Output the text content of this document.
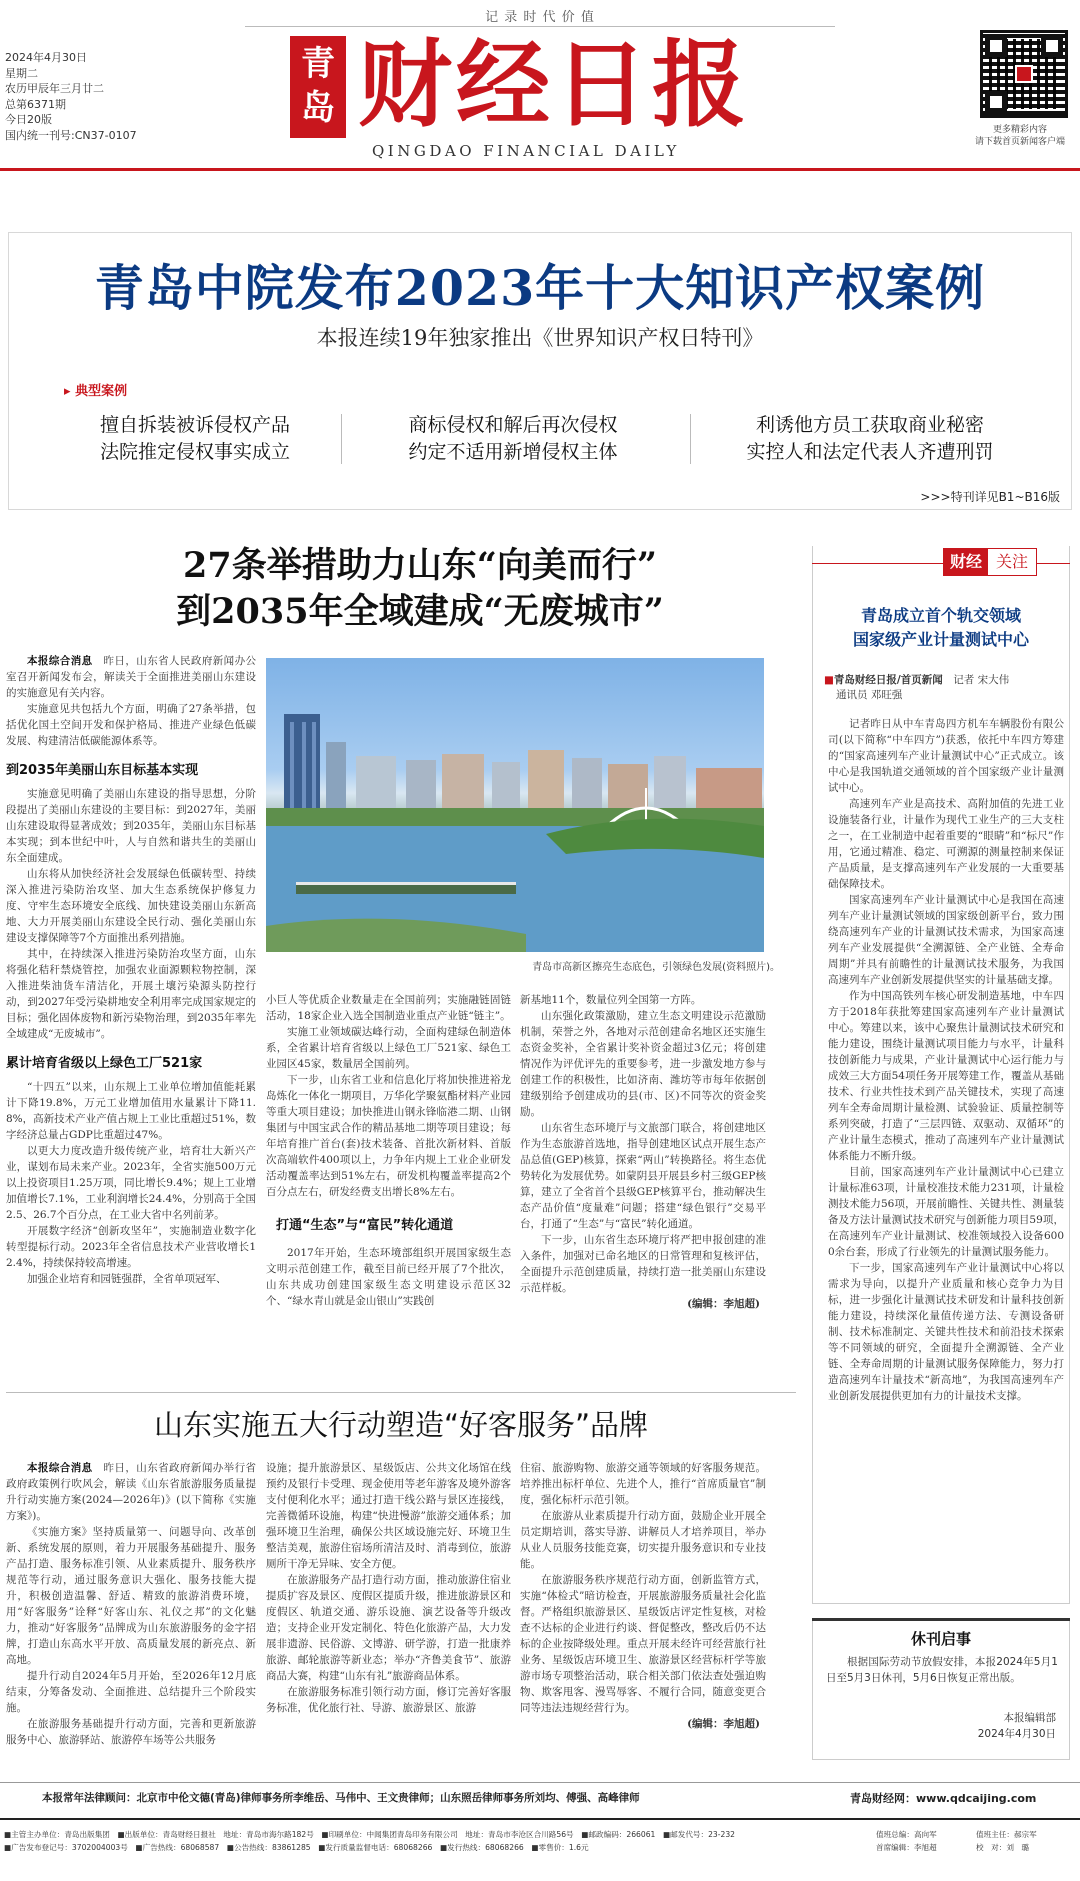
记 录 时 代 价 值
2024年4月30日
星期二
农历甲辰年三月廿二
总第6371期
今日20版
国内统一刊号:CN37-0107
青岛 财经日报
QINGDAO FINANCIAL DAILY
更多精彩内容
请下载首页新闻客户端
青岛中院发布2023年十大知识产权案例
本报连续19年独家推出《世界知识产权日特刊》
▸ 典型案例
擅自拆装被诉侵权产品
法院推定侵权事实成立
商标侵权和解后再次侵权
约定不适用新增侵权主体
利诱他方员工获取商业秘密
实控人和法定代表人齐遭刑罚
>>>特刊详见B1~B16版
27条举措助力山东“向美而行”
到2035年全域建成“无废城市”
青岛市高新区擦亮生态底色，引领绿色发展(资料照片)。

本报综合消息　 昨日，山东省人民政府新闻办公室召开新闻发布会，解读关于全面推进美丽山东建设的实施意见有关内容。

实施意见共包括九个方面，明确了27条举措，包括优化国土空间开发和保护格局、推进产业绿色低碳发展、构建清洁低碳能源体系等。

到2035年美丽山东目标基本实现

实施意见明确了美丽山东建设的指导思想，分阶段提出了美丽山东建设的主要目标：到2027年，美丽山东建设取得显著成效；到2035年，美丽山东目标基本实现；到本世纪中叶，人与自然和谐共生的美丽山东全面建成。

山东将从加快经济社会发展绿色低碳转型、持续深入推进污染防治攻坚、加大生态系统保护修复力度、守牢生态环境安全底线、加快建设美丽山东新高地、大力开展美丽山东建设全民行动、强化美丽山东建设支撑保障等7个方面推出系列措施。

其中，在持续深入推进污染防治攻坚方面，山东将强化秸秆禁烧管控，加强农业面源颗粒物控制，深入推进柴油货车清洁化，开展土壤污染源头防控行动，到2027年受污染耕地安全利用率完成国家规定的目标；强化固体废物和新污染物治理，到2035年率先全域建成“无废城市”。

累计培育省级以上绿色工厂521家

“十四五”以来，山东规上工业单位增加值能耗累计下降19.8%，万元工业增加值用水量累计下降11.8%，高新技术产业产值占规上工业比重超过51%，数字经济总量占GDP比重超过47%。

以更大力度改造升级传统产业，培育壮大新兴产业，谋划布局未来产业。2023年，全省实施500万元以上投资项目1.25万项，同比增长9.4%；规上工业增加值增长7.1%，工业利润增长24.4%，分别高于全国2.5、26.7个百分点，在工业大省中名列前茅。

开展数字经济“创新攻坚年”，实施制造业数字化转型提标行动。2023年全省信息技术产业营收增长12.4%，持续保持较高增速。

加强企业培育和园链强群，全省单项冠军、

小巨人等优质企业数量走在全国前列；实施融链固链活动，18家企业入选全国制造业重点产业链“链主”。

实施工业领域碳达峰行动，全面构建绿色制造体系，全省累计培育省级以上绿色工厂521家、绿色工业园区45家，数量居全国前列。

下一步，山东省工业和信息化厅将加快推进裕龙岛炼化一体化一期项目，万华化学聚氨酯材料产业园等重大项目建设；加快推进山钢永锋临港二期、山钢集团与中国宝武合作的精品基地二期等项目建设；每年培育推广首台(套)技术装备、首批次新材料、首版次高端软件400项以上，力争年内规上工业企业研发活动覆盖率达到51%左右，研发机构覆盖率提高2个百分点左右，研发经费支出增长8%左右。

打通“生态”与“富民”转化通道

2017年开始，生态环境部组织开展国家级生态文明示范创建工作，截至目前已经开展了7个批次，山东共成功创建国家级生态文明建设示范区32个、“绿水青山就是金山银山”实践创

新基地11个，数量位列全国第一方阵。

山东强化政策激励，建立生态文明建设示范激励机制，荣誉之外，各地对示范创建命名地区还实施生态资金奖补，全省累计奖补资金超过3亿元；将创建情况作为评优评先的重要参考，进一步激发地方参与创建工作的积极性，比如济南、潍坊等市每年依据创建级别给予创建成功的县(市、区)不同等次的资金奖励。

山东省生态环境厅与文旅部门联合，将创建地区作为生态旅游首选地，指导创建地区试点开展生态产品总值(GEP)核算，探索“两山”转换路径。将生态优势转化为发展优势。如蒙阴县开展县乡村三级GEP核算，建立了全省首个县级GEP核算平台，推动解决生态产品价值“度量难”问题；搭建“绿色银行”交易平台，打通了“生态”与“富民”转化通道。

下一步，山东省生态环境厅将严把申报创建的准入条件，加强对已命名地区的日常管理和复核评估，全面提升示范创建质量，持续打造一批美丽山东建设示范样板。

(编辑：李旭超)

财经 关注
青岛成立首个轨交领域
国家级产业计量测试中心
■青岛财经日报/首页新闻　 记者 宋大伟
通讯员 邓旺强

记者昨日从中车青岛四方机车车辆股份有限公司(以下简称“中车四方”)获悉，依托中车四方筹建的“国家高速列车产业计量测试中心”正式成立。该中心是我国轨道交通领域的首个国家级产业计量测试中心。

高速列车产业是高技术、高附加值的先进工业设施装备行业，计量作为现代工业生产的三大支柱之一，在工业制造中起着重要的“眼睛”和“标尺”作用，它通过精准、稳定、可溯源的测量控制来保证产品质量，是支撑高速列车产业发展的一大重要基础保障技术。

国家高速列车产业计量测试中心是我国在高速列车产业计量测试领域的国家级创新平台，致力围绕高速列车产业的计量测试技术需求，为国家高速列车产业发展提供“全溯源链、全产业链、全寿命周期”并具有前瞻性的计量测试技术服务，为我国高速列车产业创新发展提供坚实的计量基础支撑。

作为中国高铁列车核心研发制造基地，中车四方于2018年获批筹建国家高速列车产业计量测试中心。筹建以来，该中心聚焦计量测试技术研究和能力建设，围绕计量测试项目能力与水平，计量科技创新能力与成果，产业计量测试中心运行能力与成效三大方面54项任务开展筹建工作，覆盖从基础技术、行业共性技术到产品关键技术，实现了高速列车全寿命周期计量检测、试验验证、质量控制等系列突破，打造了“三层四链、双驱动、双循环”的产业计量生态模式，推动了高速列车产业计量测试体系能力不断升级。

目前，国家高速列车产业计量测试中心已建立计量标准63项，计量校准技术能力231项，计量检测技术能力56项，开展前瞻性、关键共性、测量装备及方法计量测试技术研究与创新能力项目59项，在高速列车产业计量测试、校准领域投入设备6000余台套，形成了行业领先的计量测试服务能力。

下一步，国家高速列车产业计量测试中心将以需求为导向，以提升产业质量和核心竞争力为目标，进一步强化计量测试技术研发和计量科技创新能力建设，持续深化量值传递方法、专测设备研制、技术标准制定、关键共性技术和前沿技术探索等不同领域的研究，全面提升全溯源链、全产业链、全寿命周期的计量测试服务保障能力，努力打造高速列车计量技术“新高地”，为我国高速列车产业创新发展提供更加有力的计量技术支撑。

休刊启事
根据国际劳动节放假安排，本报2024年5月1日至5月3日休刊，5月6日恢复正常出版。
本报编辑部
2024年4月30日
山东实施五大行动塑造“好客服务”品牌

本报综合消息　 昨日，山东省政府新闻办举行省政府政策例行吹风会，解读《山东省旅游服务质量提升行动实施方案(2024—2026年)》(以下简称《实施方案》)。

《实施方案》坚持质量第一、问题导向、改革创新、系统发展的原则，着力开展服务基础提升、服务产品打造、服务标准引领、从业素质提升、服务秩序规范等行动，通过服务意识大强化、服务技能大提升，积极创造温馨、舒适、精致的旅游消费环境，用“好客服务”诠释“好客山东、礼仪之邦”的文化魅力，推动“好客服务”品牌成为山东旅游服务的金字招牌，打造山东高水平开放、高质量发展的新亮点、新高地。

提升行动自2024年5月开始，至2026年12月底结束，分筹备发动、全面推进、总结提升三个阶段实施。

在旅游服务基础提升行动方面，完善和更新旅游服务中心、旅游驿站、旅游停车场等公共服务

设施；提升旅游景区、星级饭店、公共文化场馆在线预约及银行卡受理、现金使用等老年游客及境外游客支付便利化水平；通过打造干线公路与景区连接线，完善微循环设施，构建“快进慢游”旅游交通体系；加强环境卫生治理，确保公共区域设施完好、环境卫生整洁美观，旅游住宿场所清洁及时、消毒到位，旅游厕所干净无异味、安全方便。

在旅游服务产品打造行动方面，推动旅游住宿业提质扩容及景区、度假区提质升级，推进旅游景区和度假区、轨道交通、游乐设施、演艺设备等升级改造；支持企业开发定制化、特色化旅游产品，大力发展非遗游、民俗游、文博游、研学游，打造一批康养旅游、邮轮旅游等新业态；举办“齐鲁美食节”、旅游商品大赛，构建“山东有礼”旅游商品体系。

在旅游服务标准引领行动方面，修订完善好客服务标准，优化旅行社、导游、旅游景区、旅游

住宿、旅游购物、旅游交通等领域的好客服务规范。培养推出标杆单位、先进个人，推行“首席质量官”制度，强化标杆示范引领。

在旅游从业素质提升行动方面，鼓励企业开展全员定期培训，落实导游、讲解员人才培养项目，举办从业人员服务技能竞赛，切实提升服务意识和专业技能。

在旅游服务秩序规范行动方面，创新监管方式，实施“体检式”暗访检查，开展旅游服务质量社会化监督。严格组织旅游景区、星级饭店评定性复核，对检查不达标的企业进行约谈、督促整改，整改后仍不达标的企业按降级处理。重点开展未经许可经营旅行社业务、星级饭店环境卫生、旅游景区经营标杆学等旅游市场专项整治活动，联合相关部门依法查处强迫购物、欺客甩客、漫骂辱客、不履行合同，随意变更合同等违法违规经营行为。

(编辑：李旭超)

本报常年法律顾问：北京市中伦文德(青岛)律师事务所李维岳、马伟中、王文贵律师；山东照岳律师事务所刘均、傅强、高峰律师	青岛财经网：www.qdcaijing.com
■主管主办单位：青岛出版集团　■出版单位：青岛财经日报社　地址：青岛市海尔路182号　■印刷单位：中闻集团青岛印务有限公司　地址：青岛市李沧区合川路56号　■邮政编码：266061　■邮发代号：23-232
■广告发布登记号：3702004003号　■广告热线：68068587　■公告热线：83861285　■发行质量监督电话：68068266　■发行热线：68068266　■零售价：1.6元
值班总编：高向军	值班主任：郝宗军
首席编辑：李旭超	校　对：刘　璐
